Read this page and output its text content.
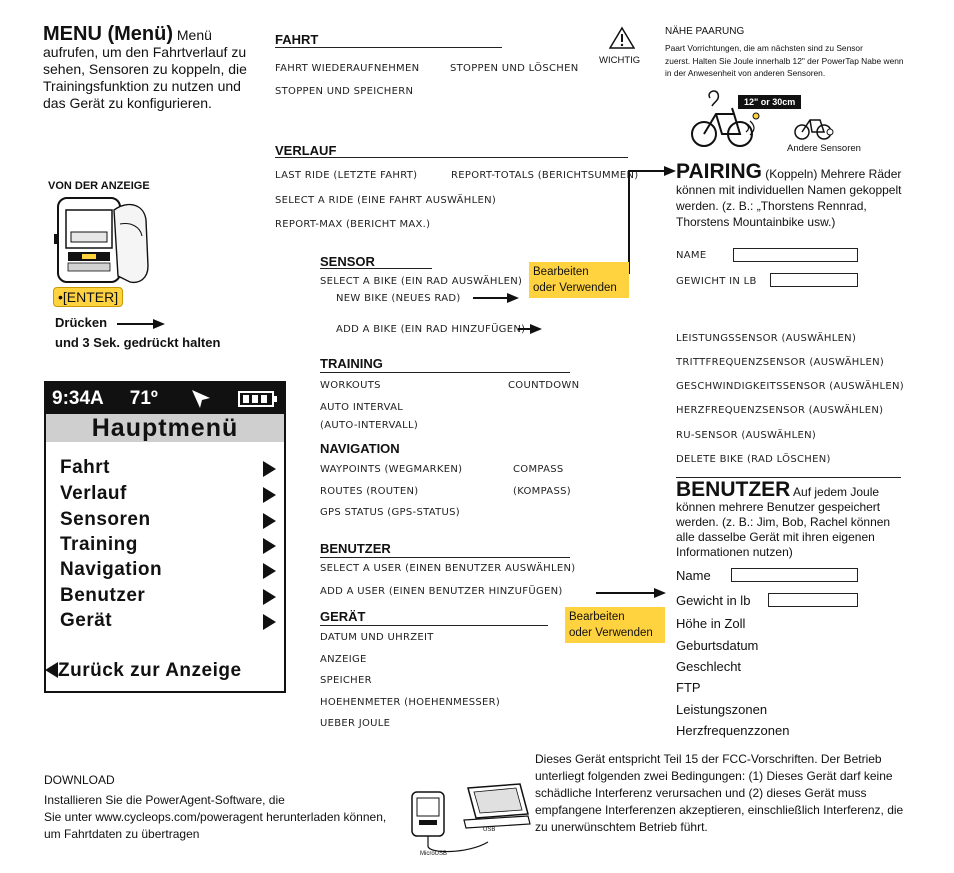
MENU (Menü) Menü aufrufen, um den Fahrtverlauf zu sehen, Sensoren zu koppeln, die Trainingsfunktion zu nutzen und das Gerät zu konfigurieren.
VON DER ANZEIGE
•[ENTER]
Drücken
und 3 Sek. gedrückt halten
9:34A 71º
Hauptmenü
Fahrt
Verlauf
Sensoren
Training
Navigation
Benutzer
Gerät
Zurück zur Anzeige
FAHRT
FAHRT WIEDERAUFNEHMEN	STOPPEN UND LÖSCHEN
STOPPEN UND SPEICHERN
WICHTIG
VERLAUF
LAST RIDE (LETZTE FAHRT)	REPORT-TOTALS (BERICHTSUMMEN)
SELECT A RIDE (EINE FAHRT AUSWÄHLEN)
REPORT-MAX (BERICHT MAX.)
SENSOR
SELECT A BIKE (EIN RAD AUSWÄHLEN)
NEW BIKE (NEUES RAD)
ADD A BIKE (EIN RAD HINZUFÜGEN)
Bearbeiten
oder Verwenden
TRAINING
WORKOUTS	COUNTDOWN
AUTO INTERVAL
(AUTO-INTERVALL)
NAVIGATION
WAYPOINTS (WEGMARKEN)	COMPASS
ROUTES (ROUTEN)	(KOMPASS)
GPS STATUS (GPS-STATUS)
BENUTZER
SELECT A USER (EINEN BENUTZER AUSWÄHLEN)
ADD A USER (EINEN BENUTZER HINZUFÜGEN)
GERÄT
DATUM UND UHRZEIT
ANZEIGE
SPEICHER
HOEHENMETER (HOEHENMESSER)
UEBER JOULE
Bearbeiten
oder Verwenden
NÄHE PAARUNG
Paart Vorrichtungen, die am nächsten sind zu Sensor
zuerst. Halten Sie Joule innerhalb 12" der PowerTap Nabe wenn
in der Anwesenheit von anderen Sensoren.
12" or 30cm
Andere Sensoren
PAIRING (Koppeln) Mehrere Räder können mit individuellen Namen gekoppelt werden. (z. B.: „Thorstens Rennrad, Thorstens Mountainbike usw.)
NAME
GEWICHT IN LB
LEISTUNGSSENSOR (AUSWÄHLEN)
TRITTFREQUENZSENSOR (AUSWÄHLEN)
GESCHWINDIGKEITSSENSOR (AUSWÄHLEN)
HERZFREQUENZSENSOR (AUSWÄHLEN)
RU-SENSOR (AUSWÄHLEN)
DELETE BIKE (RAD LÖSCHEN)
BENUTZER Auf jedem Joule können mehrere Benutzer gespeichert werden. (z. B.: Jim, Bob, Rachel können alle dasselbe Gerät mit ihren eigenen Informationen nutzen)
Name
Gewicht in lb
Höhe in Zoll
Geburtsdatum
Geschlecht
FTP
Leistungszonen
Herzfrequenzzonen
DOWNLOAD
Installieren Sie die PowerAgent-Software, die
Sie unter www.cycleops.com/poweragent herunterladen können,
um Fahrtdaten zu übertragen
MicroUSB
USB
Dieses Gerät entspricht Teil 15 der FCC-Vorschriften. Der Betrieb unterliegt folgenden zwei Bedingungen: (1) Dieses Gerät darf keine schädliche Interferenz verursachen und (2) dieses Gerät muss empfangene Interferenzen akzeptieren, einschließlich Interferenz, die zu unerwünschtem Betrieb führt.
